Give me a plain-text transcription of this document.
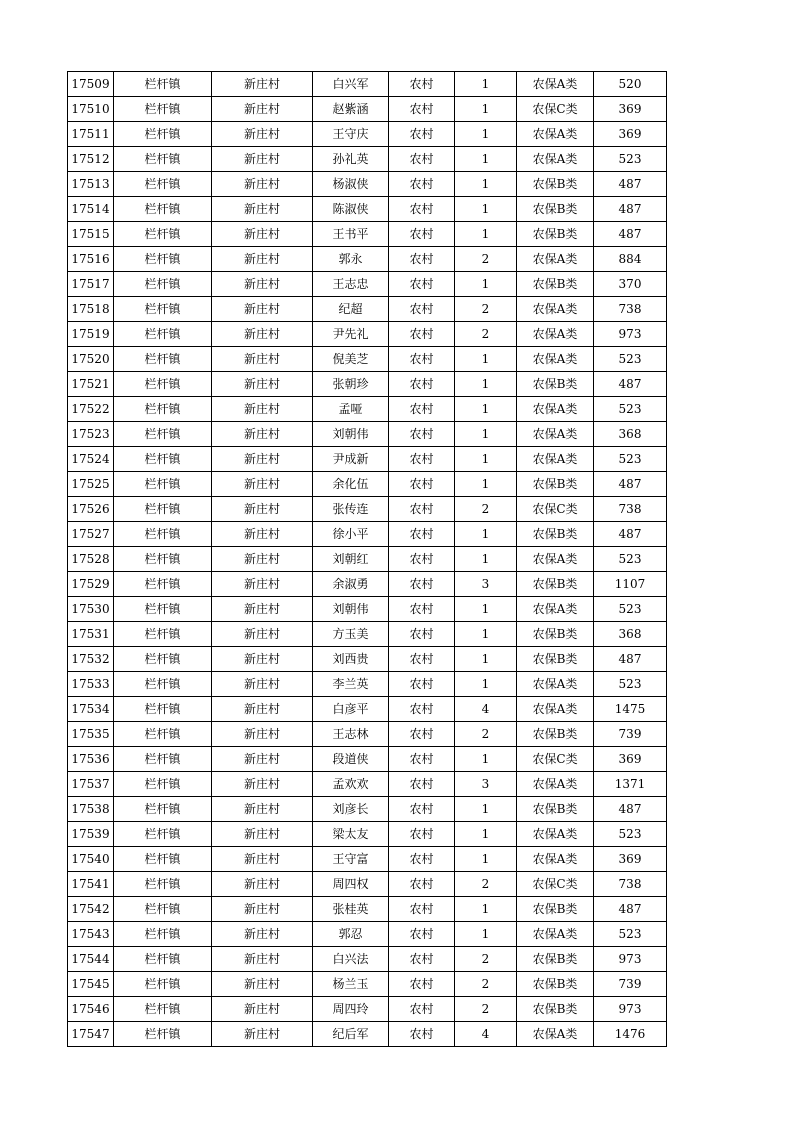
17509	栏杆镇	新庄村	白兴军	农村	1	农保A类	520
17510	栏杆镇	新庄村	赵紫涵	农村	1	农保C类	369
17511	栏杆镇	新庄村	王守庆	农村	1	农保A类	369
17512	栏杆镇	新庄村	孙礼英	农村	1	农保A类	523
17513	栏杆镇	新庄村	杨淑侠	农村	1	农保B类	487
17514	栏杆镇	新庄村	陈淑侠	农村	1	农保B类	487
17515	栏杆镇	新庄村	王书平	农村	1	农保B类	487
17516	栏杆镇	新庄村	郭永	农村	2	农保A类	884
17517	栏杆镇	新庄村	王志忠	农村	1	农保B类	370
17518	栏杆镇	新庄村	纪超	农村	2	农保A类	738
17519	栏杆镇	新庄村	尹先礼	农村	2	农保A类	973
17520	栏杆镇	新庄村	倪美芝	农村	1	农保A类	523
17521	栏杆镇	新庄村	张朝珍	农村	1	农保B类	487
17522	栏杆镇	新庄村	孟哑	农村	1	农保A类	523
17523	栏杆镇	新庄村	刘朝伟	农村	1	农保A类	368
17524	栏杆镇	新庄村	尹成新	农村	1	农保A类	523
17525	栏杆镇	新庄村	余化伍	农村	1	农保B类	487
17526	栏杆镇	新庄村	张传连	农村	2	农保C类	738
17527	栏杆镇	新庄村	徐小平	农村	1	农保B类	487
17528	栏杆镇	新庄村	刘朝红	农村	1	农保A类	523
17529	栏杆镇	新庄村	余淑勇	农村	3	农保B类	1107
17530	栏杆镇	新庄村	刘朝伟	农村	1	农保A类	523
17531	栏杆镇	新庄村	方玉美	农村	1	农保B类	368
17532	栏杆镇	新庄村	刘西贵	农村	1	农保B类	487
17533	栏杆镇	新庄村	李兰英	农村	1	农保A类	523
17534	栏杆镇	新庄村	白彦平	农村	4	农保A类	1475
17535	栏杆镇	新庄村	王志林	农村	2	农保B类	739
17536	栏杆镇	新庄村	段道侠	农村	1	农保C类	369
17537	栏杆镇	新庄村	孟欢欢	农村	3	农保A类	1371
17538	栏杆镇	新庄村	刘彦长	农村	1	农保B类	487
17539	栏杆镇	新庄村	梁太友	农村	1	农保A类	523
17540	栏杆镇	新庄村	王守富	农村	1	农保A类	369
17541	栏杆镇	新庄村	周四权	农村	2	农保C类	738
17542	栏杆镇	新庄村	张桂英	农村	1	农保B类	487
17543	栏杆镇	新庄村	郭忍	农村	1	农保A类	523
17544	栏杆镇	新庄村	白兴法	农村	2	农保B类	973
17545	栏杆镇	新庄村	杨兰玉	农村	2	农保B类	739
17546	栏杆镇	新庄村	周四玲	农村	2	农保B类	973
17547	栏杆镇	新庄村	纪后军	农村	4	农保A类	1476
